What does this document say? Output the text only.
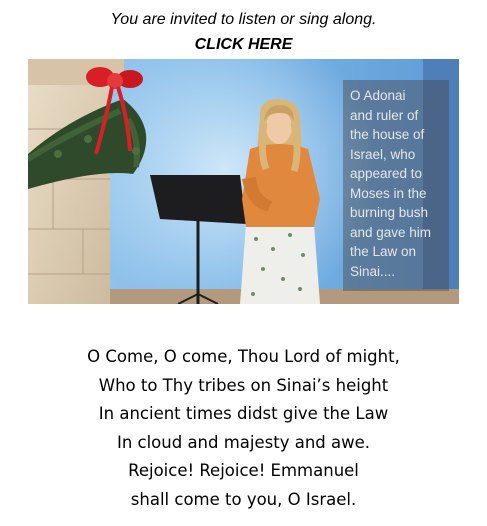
You are invited to listen or sing along.
CLICK HERE
O Adonai
and ruler of
the house of
Israel, who
appeared to
Moses in the
burning bush
and gave him
the Law on
Sinai....
O Come, O come, Thou Lord of might,
Who to Thy tribes on Sinai’s height
In ancient times didst give the Law
In cloud and majesty and awe.
Rejoice! Rejoice! Emmanuel
shall come to you, O Israel.
